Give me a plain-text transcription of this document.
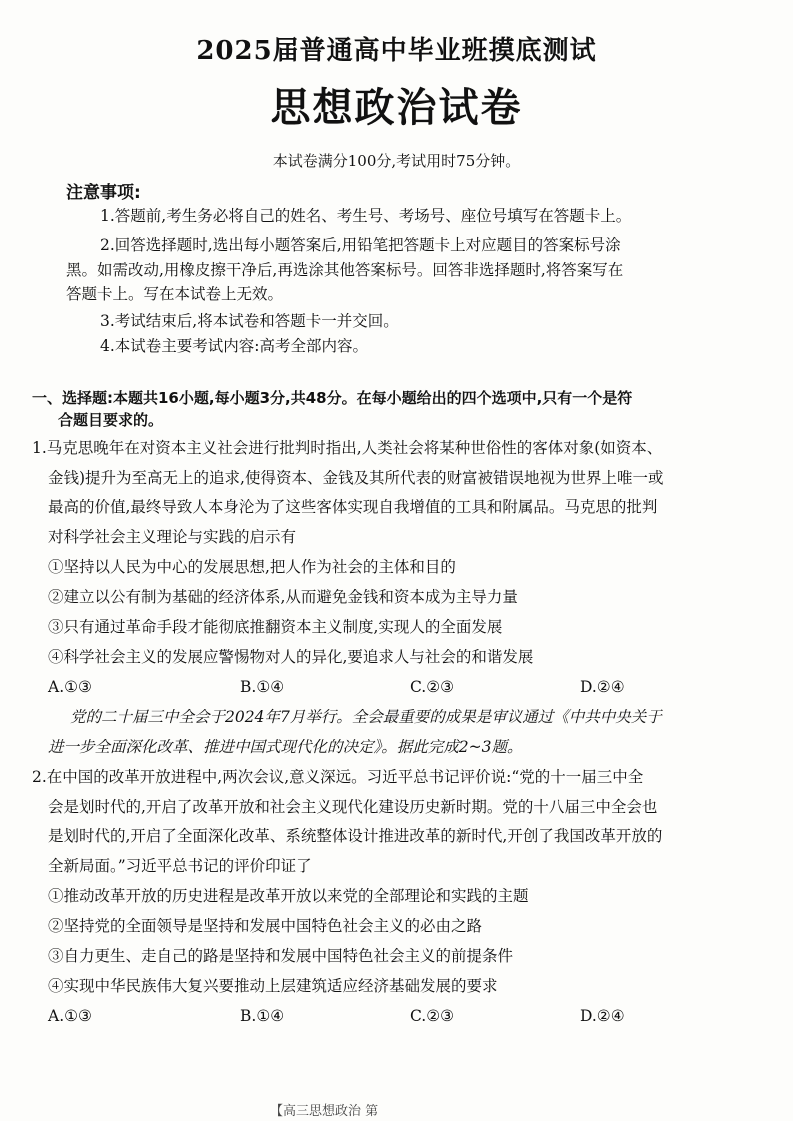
2025届普通高中毕业班摸底测试
思想政治试卷
本试卷满分100分,考试用时75分钟。
注意事项:
1.答题前,考生务必将自己的姓名、考生号、考场号、座位号填写在答题卡上。
2.回答选择题时,选出每小题答案后,用铅笔把答题卡上对应题目的答案标号涂
黑。如需改动,用橡皮擦干净后,再选涂其他答案标号。回答非选择题时,将答案写在
答题卡上。写在本试卷上无效。
3.考试结束后,将本试卷和答题卡一并交回。
4.本试卷主要考试内容:高考全部内容。
一、选择题:本题共16小题,每小题3分,共48分。在每小题给出的四个选项中,只有一个是符
合题目要求的。
1.马克思晚年在对资本主义社会进行批判时指出,人类社会将某种世俗性的客体对象(如资本、
金钱)提升为至高无上的追求,使得资本、金钱及其所代表的财富被错误地视为世界上唯一或
最高的价值,最终导致人本身沦为了这些客体实现自我增值的工具和附属品。马克思的批判
对科学社会主义理论与实践的启示有
①坚持以人民为中心的发展思想,把人作为社会的主体和目的
②建立以公有制为基础的经济体系,从而避免金钱和资本成为主导力量
③只有通过革命手段才能彻底推翻资本主义制度,实现人的全面发展
④科学社会主义的发展应警惕物对人的异化,要追求人与社会的和谐发展
A.①③	B.①④	C.②③	D.②④
党的二十届三中全会于2024年7月举行。全会最重要的成果是审议通过《中共中央关于
进一步全面深化改革、推进中国式现代化的决定》。据此完成2~3题。
2.在中国的改革开放进程中,两次会议,意义深远。习近平总书记评价说:“党的十一届三中全
会是划时代的,开启了改革开放和社会主义现代化建设历史新时期。党的十八届三中全会也
是划时代的,开启了全面深化改革、系统整体设计推进改革的新时代,开创了我国改革开放的
全新局面。”习近平总书记的评价印证了
①推动改革开放的历史进程是改革开放以来党的全部理论和实践的主题
②坚持党的全面领导是坚持和发展中国特色社会主义的必由之路
③自力更生、走自己的路是坚持和发展中国特色社会主义的前提条件
④实现中华民族伟大复兴要推动上层建筑适应经济基础发展的要求
A.①③	B.①④	C.②③	D.②④
【高三思想政治 第
